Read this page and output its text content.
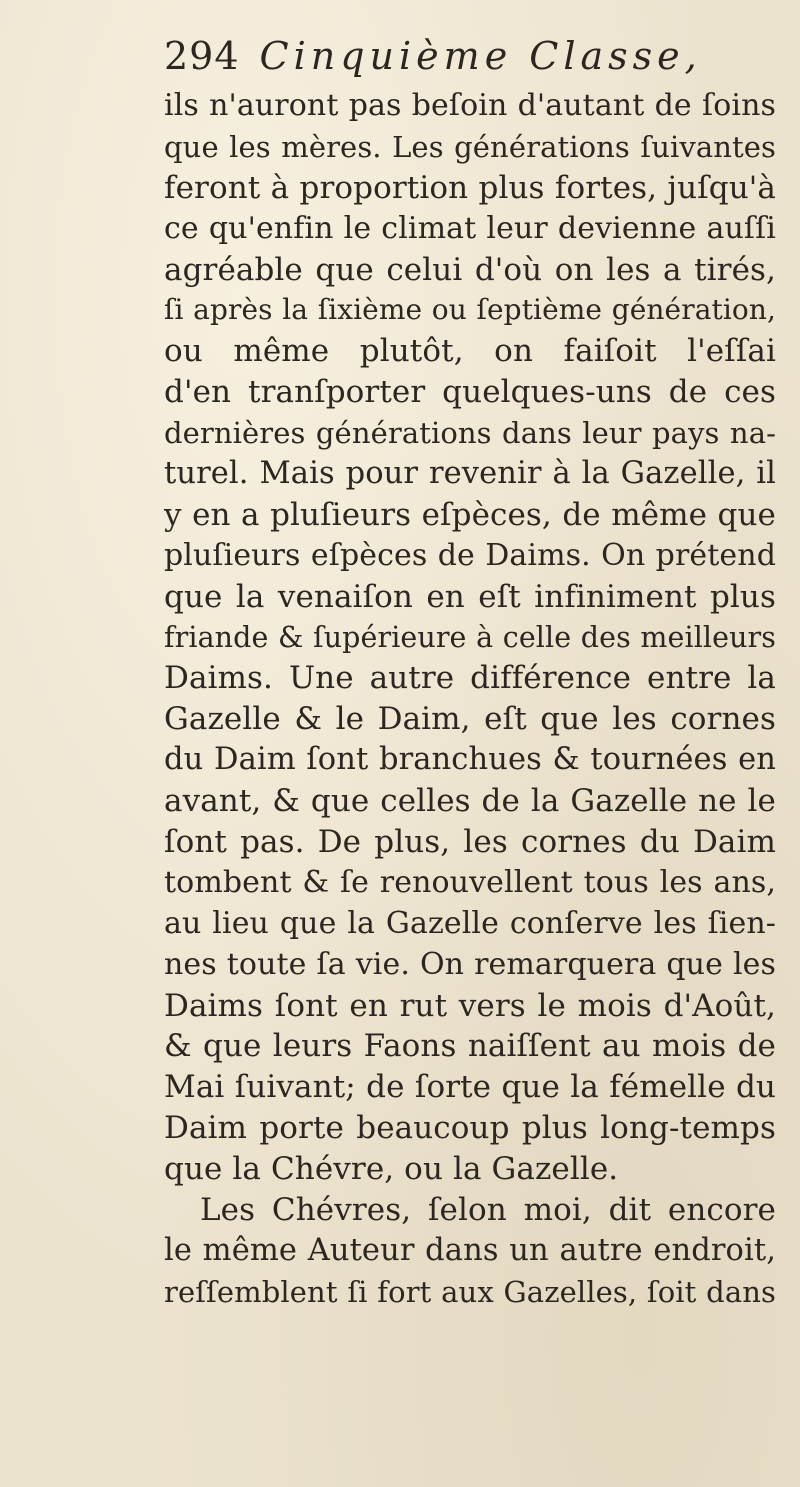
294 Cinquième Classe,
ils n'auront pas beſoin d'autant de ſoins
que les mères. Les générations ſuivantes
feront à proportion plus fortes, juſqu'à
ce qu'enfin le climat leur devienne auſſi
agréable que celui d'où on les a tirés,
ſi après la ſixième ou ſeptième génération,
ou même plutôt, on faiſoit l'eſſai
d'en tranſporter quelques-uns de ces
dernières générations dans leur pays na-
turel. Mais pour revenir à la Gazelle, il
y en a pluſieurs eſpèces, de même que
pluſieurs eſpèces de Daims. On prétend
que la venaiſon en eſt infiniment plus
friande & ſupérieure à celle des meilleurs
Daims. Une autre différence entre la
Gazelle & le Daim, eſt que les cornes
du Daim ſont branchues & tournées en
avant, & que celles de la Gazelle ne le
ſont pas. De plus, les cornes du Daim
tombent & ſe renouvellent tous les ans,
au lieu que la Gazelle conſerve les ſien-
nes toute ſa vie. On remarquera que les
Daims ſont en rut vers le mois d'Août,
& que leurs Faons naiſſent au mois de
Mai ſuivant; de ſorte que la fémelle du
Daim porte beaucoup plus long-temps
que la Chévre, ou la Gazelle.
Les Chévres, ſelon moi, dit encore
le même Auteur dans un autre endroit,
reſſemblent ſi fort aux Gazelles, ſoit dans
